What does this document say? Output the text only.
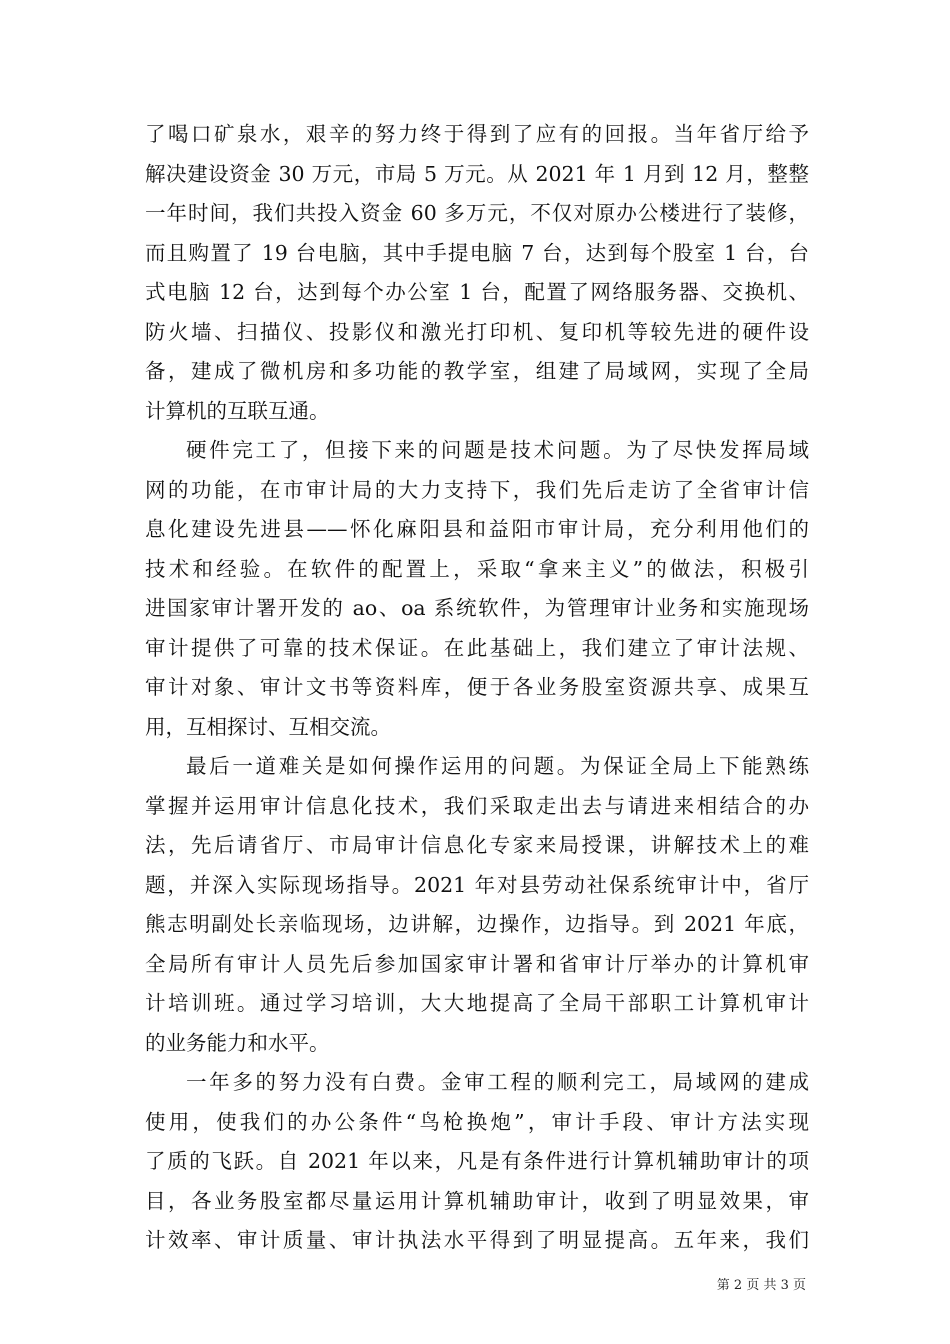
了喝口矿泉水，艰辛的努力终于得到了应有的回报。当年省厅给予
解决建设资金 30 万元，市局 5 万元。从 2021 年 1 月到 12 月，整整
一年时间，我们共投入资金 60 多万元，不仅对原办公楼进行了装修，
而且购置了 19 台电脑，其中手提电脑 7 台，达到每个股室 1 台，台
式电脑 12 台，达到每个办公室 1 台，配置了网络服务器、交换机、
防火墙、扫描仪、投影仪和激光打印机、复印机等较先进的硬件设
备，建成了微机房和多功能的教学室，组建了局域网，实现了全局
计算机的互联互通。
硬件完工了，但接下来的问题是技术问题。为了尽快发挥局域
网的功能，在市审计局的大力支持下，我们先后走访了全省审计信
息化建设先进县——怀化麻阳县和益阳市审计局，充分利用他们的
技术和经验。在软件的配置上，采取“拿来主义”的做法，积极引
进国家审计署开发的 ao、oa 系统软件，为管理审计业务和实施现场
审计提供了可靠的技术保证。在此基础上，我们建立了审计法规、
审计对象、审计文书等资料库，便于各业务股室资源共享、成果互
用，互相探讨、互相交流。
最后一道难关是如何操作运用的问题。为保证全局上下能熟练
掌握并运用审计信息化技术，我们采取走出去与请进来相结合的办
法，先后请省厅、市局审计信息化专家来局授课，讲解技术上的难
题，并深入实际现场指导。2021 年对县劳动社保系统审计中，省厅
熊志明副处长亲临现场，边讲解，边操作，边指导。到 2021 年底，
全局所有审计人员先后参加国家审计署和省审计厅举办的计算机审
计培训班。通过学习培训，大大地提高了全局干部职工计算机审计
的业务能力和水平。
一年多的努力没有白费。金审工程的顺利完工，局域网的建成
使用，使我们的办公条件“鸟枪换炮”，审计手段、审计方法实现
了质的飞跃。自 2021 年以来，凡是有条件进行计算机辅助审计的项
目，各业务股室都尽量运用计算机辅助审计，收到了明显效果，审
计效率、审计质量、审计执法水平得到了明显提高。五年来，我们
第 2 页 共 3 页
